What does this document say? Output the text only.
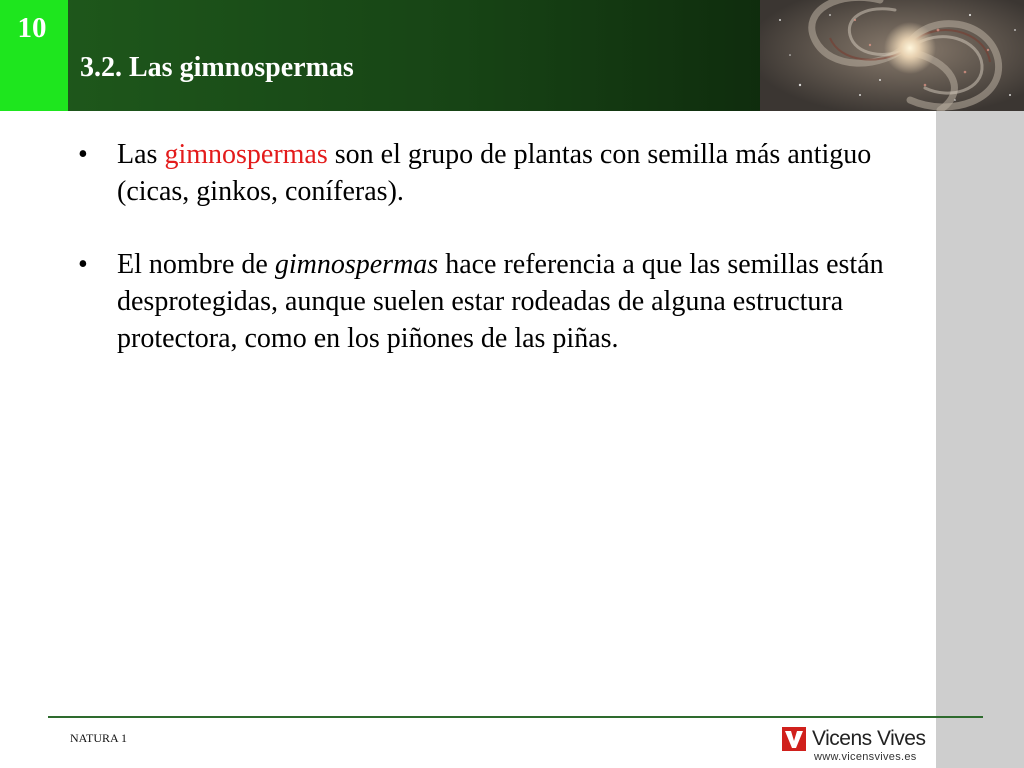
10
3.2. Las gimnospermas
•	Las gimnospermas son el grupo de plantas con semilla más antiguo (cicas, ginkos, coníferas).
•	El nombre de gimnospermas hace referencia a que las semillas están desprotegidas, aunque suelen estar rodeadas de alguna estructura protectora, como en los piñones de las piñas.
NATURA 1	Vicens Vives
www.vicensvives.es
